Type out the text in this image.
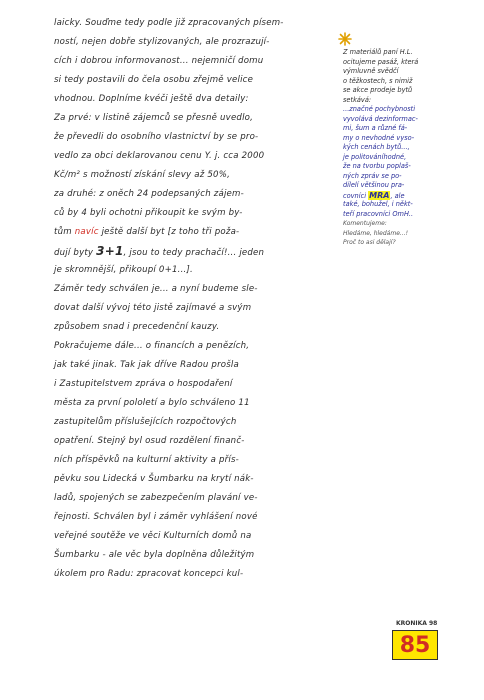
laicky. Souďme tedy podle již zpracovaných písem-
ností, nejen dobře stylizovaných, ale prozrazují-
cích i dobrou informovanost... nejemničí domu
si tedy postavili do čela osobu zřejmě velice
vhodnou. Doplníme kvéči ještě dva detaily:
Za prvé: v listině zájemců se přesně uvedlo,
že převedli do osobního vlastnictví by se pro-
vedlo za obci deklarovanou cenu Y. j. cca 2000
Kč/m² s možností získání slevy až 50%,
za druhé: z oněch 24 podepsaných zájem-
ců by 4 byli ochotni přikoupit ke svým by-
tům navíc ještě další byt [z toho tři poža-
dují byty 3+1, jsou to tedy prachačí!... jeden
je skromnější, přikoupí 0+1...].
Záměr tedy schválen je... a nyní budeme sle-
dovat další vývoj této jistě zajímavé a svým
způsobem snad i precedenční kauzy.
Pokračujeme dále... o financích a penězích,
jak také jinak. Tak jak dříve Radou prošla
i Zastupitelstvem zpráva o hospodaření
města za první pololetí a bylo schváleno 11
zastupitelům příslušejících rozpočtových
opatření. Stejný byl osud rozdělení finanč-
ních příspěvků na kulturní aktivity a přís-
pěvku sou Lidecká v Šumbarku na krytí nák-
ladů, spojených se zabezpečením plavání ve-
řejnosti. Schválen byl i záměr vyhlášení nové
veřejné soutěže ve věci Kulturních domů na
Šumbarku - ale věc byla doplněna důležitým
úkolem pro Radu: zpracovat koncepci kul-
Z materiálů paní H.L.
ocitujeme pasáž, která
výmluvně svědčí
o těžkostech, s nimiž
se akce prodeje bytů
setkává:
...značné pochybnosti
vyvolává dezinformac-
mi, šum a různé fá-
my o nevhodné vyso-
kých cenách bytů...,
je politováníhodné,
že na tvorbu poplaš-
ných zpráv se po-
dílelí většinou pra-
covníci MRA, ale
také, bohužel, i někt-
teří pracovníci OmH..
Komentujeme:
Hledáme, hledáme...!
Proč to asi dělají?
KRONIKA 98
85
